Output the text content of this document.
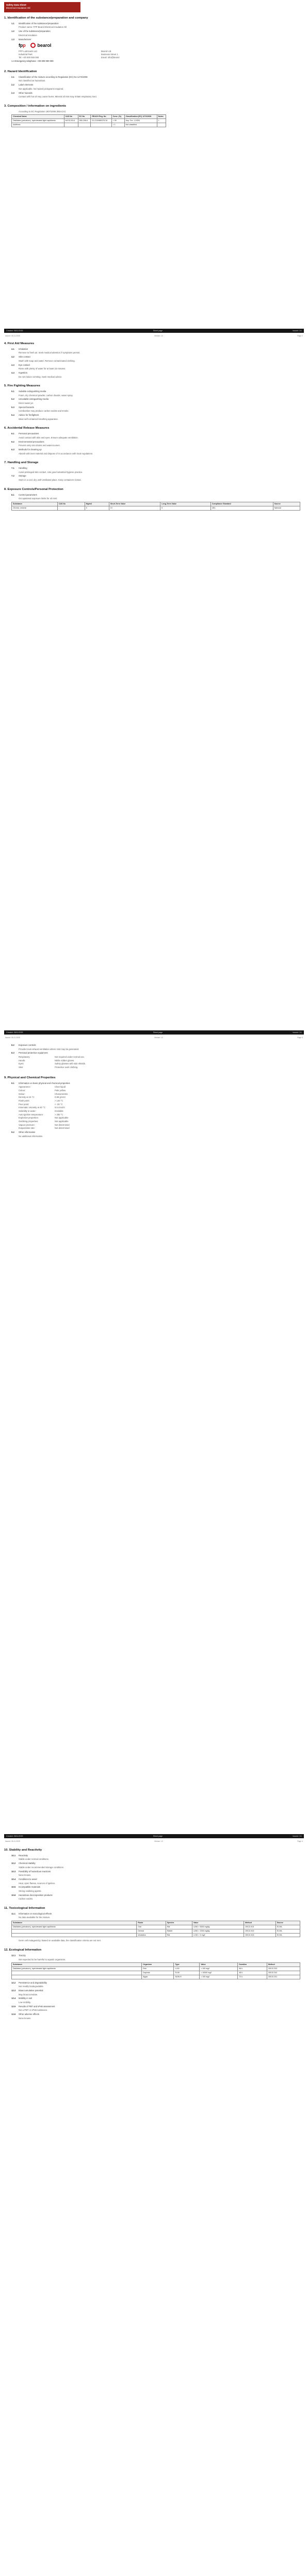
Safety Data Sheet
Electrical Insulation Oil
1. Identification of the substance/preparation and company
1.1	Identification of the substance/preparation
Product name: FPP Bearol Electrical Insulation Oil
1.2	Use of the substance/preparation
Electrical insulation
1.3	Manufacturer
fpp	bearol
FPP Lubricants Ltd.
Industrial Park
Tel: +00 000 000 000
Bearol Ltd.
Business Street 1
Email: info@bearol
1.4 Emergency telephone: +00 000 000 000
2. Hazard Identification
2.1	Classification of the mixture according to Regulation (EC) No 1272/2008
Not classified as hazardous.
2.2	Label elements
Not applicable. No hazard pictograms required.
2.3	Other hazards
Contact with hot oil may cause burns. Mineral oil mist may irritate respiratory tract.
3. Composition / information on ingredients
According to EC Regulation 1907/2006 (REACH)
Chemical Name	CAS No	EC No	REACH Reg. No	Conc. (%)	Classification (EC) 1272/2008	Notes
Distillates (petroleum), hydrotreated light naphthenic	64742-53-6	265-156-6	01-2119480375-34	> 99	Asp. Tox. 1 H304	L
Additives	-	-	-	< 1	Not classified	-
Created: 06/11/2025	Sheet page	Issued: 1/1
Issued: 06.11.2025	Version 1.0	Page 2
4. First Aid Measures
4.1	Inhalation
Remove to fresh air. Seek medical attention if symptoms persist.
4.2	Skin contact
Wash with soap and water. Remove contaminated clothing.
4.3	Eye contact
Rinse with plenty of water for at least 15 minutes.
4.4	Ingestion
Do not induce vomiting. Seek medical advice.
5. Fire Fighting Measures
5.1	Suitable extinguishing media
Foam, dry chemical powder, carbon dioxide, water spray.
5.2	Unsuitable extinguishing media
Direct water jet.
5.3	Special hazards
Combustion may produce carbon oxides and smoke.
5.4	Advice for firefighters
Wear self-contained breathing apparatus.
6. Accidental Release Measures
6.1	Personal precautions
Avoid contact with skin and eyes. Ensure adequate ventilation.
6.2	Environmental precautions
Prevent entry into drains and watercourses.
6.3	Methods for cleaning up
Absorb with inert material and dispose of in accordance with local regulations.
7. Handling and Storage
7.1	Handling
Avoid prolonged skin contact. Use good industrial hygiene practice.
7.2	Storage
Store in a cool, dry, well-ventilated place. Keep containers closed.
8. Exposure Controls/Personal Protection
8.1	Control parameters
Occupational exposure limits for oil mist:
Substance	CAS No	Mg/m3	Short-Term Value	Long-Term Value	Compliance Standard	Source
Oil mist, mineral	-	5	10	5	OEL	National
Created: 06/11/2025	Sheet page	Issued: 1/1
Issued: 06.11.2025	Version 1.0	Page 3
8.2	Exposure controls
Provide local exhaust ventilation where mist may be generated.
8.3	Personal protective equipment
Respiratory:	Not required under normal use.
Hands:	Nitrile rubber gloves.
Eyes:	Safety glasses with side shields.
Skin:	Protective work clothing.
9. Physical and Chemical Properties
9.1	Information on basic physical and chemical properties
Appearance:	Clear liquid
Colour:	Pale yellow
Odour:	Characteristic
Density at 15 °C:	0.88 g/cm3
Flash point:	> 140 °C
Pour point:	< -30 °C
Kinematic viscosity at 40 °C:	9.5 mm2/s
Solubility in water:	Insoluble
Auto-ignition temperature:	> 250 °C
Explosive properties:	Not applicable
Oxidising properties:	Not applicable
Vapour pressure:	Not determined
Evaporation rate:	Not determined
9.2	Other information
No additional information.
Created: 06/11/2025	Sheet page	Issued: 1/1
Issued: 06.11.2025	Version 1.0	Page 4
10. Stability and Reactivity
10.1	Reactivity
Stable under normal conditions.
10.2	Chemical stability
Stable under recommended storage conditions.
10.3	Possibility of hazardous reactions
None known.
10.4	Conditions to avoid
Heat, open flames, sources of ignition.
10.5	Incompatible materials
Strong oxidising agents.
10.6	Hazardous decomposition products
Carbon oxides.
11. Toxicological Information
11.1	Information on toxicological effects
No data available for the mixture.
Substance	Route	Species	Value	Method	Source
Distillates (petroleum), hydrotreated light naphthenic	Oral	Rat	LD50 > 5000 mg/kg	OECD 401	ECHA
	Dermal	Rabbit	LD50 > 2000 mg/kg	OECD 402	ECHA
	Inhalation	Rat	LC50 > 5 mg/l	OECD 403	ECHA
Germ cell mutagenicity: Based on available data, the classification criteria are not met.
12. Ecological Information
12.1	Toxicity
Not expected to be harmful to aquatic organisms.
Substance	Organism	Type	Value	Duration	Method
Distillates (petroleum), hydrotreated light naphthenic	Fish	LL50	> 100 mg/l	96 h	OECD 203
	Daphnia	EL50	> 10000 mg/l	48 h	OECD 202
	Algae	NOELR	> 100 mg/l	72 h	OECD 201
12.2	Persistence and degradability
Not readily biodegradable.
12.3	Bioaccumulative potential
May bioaccumulate.
12.4	Mobility in soil
Low mobility.
12.5	Results of PBT and vPvB assessment
Not a PBT or vPvB substance.
12.6	Other adverse effects
None known.
